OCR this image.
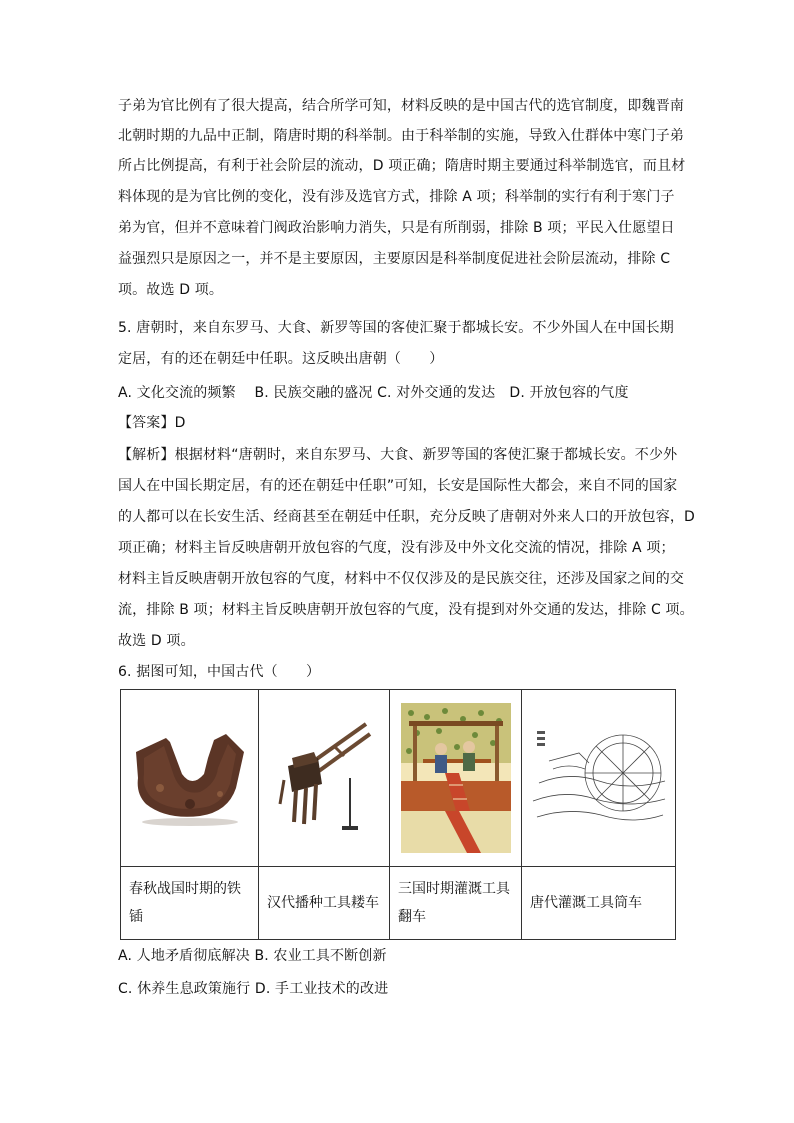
子弟为官比例有了很大提高，结合所学可知，材料反映的是中国古代的选官制度，即魏晋南
北朝时期的九品中正制，隋唐时期的科举制。由于科举制的实施，导致入仕群体中寒门子弟
所占比例提高，有利于社会阶层的流动，D 项正确；隋唐时期主要通过科举制选官，而且材
料体现的是为官比例的变化，没有涉及选官方式，排除 A 项；科举制的实行有利于寒门子
弟为官，但并不意味着门阀政治影响力消失，只是有所削弱，排除 B 项；平民入仕愿望日
益强烈只是原因之一，并不是主要原因，主要原因是科举制度促进社会阶层流动，排除 C
项。故选 D 项。
5. 唐朝时，来自东罗马、大食、新罗等国的客使汇聚于都城长安。不少外国人在中国长期
定居，有的还在朝廷中任职。这反映出唐朝（　　）
A. 文化交流的频繁　 B. 民族交融的盛况 C. 对外交通的发达　D. 开放包容的气度
【答案】D
【解析】根据材料“唐朝时，来自东罗马、大食、新罗等国的客使汇聚于都城长安。不少外
国人在中国长期定居，有的还在朝廷中任职”可知，长安是国际性大都会，来自不同的国家
的人都可以在长安生活、经商甚至在朝廷中任职，充分反映了唐朝对外来人口的开放包容，D
项正确；材料主旨反映唐朝开放包容的气度，没有涉及中外文化交流的情况，排除 A 项；
材料主旨反映唐朝开放包容的气度，材料中不仅仅涉及的是民族交往，还涉及国家之间的交
流，排除 B 项；材料主旨反映唐朝开放包容的气度，没有提到对外交通的发达，排除 C 项。
故选 D 项。
6. 据图可知，中国古代（　　）

春秋战国时期的铁锸	汉代播种工具耧车	三国时期灌溉工具翻车	唐代灌溉工具筒车
A. 人地矛盾彻底解决 B. 农业工具不断创新
C. 休养生息政策施行 D. 手工业技术的改进
